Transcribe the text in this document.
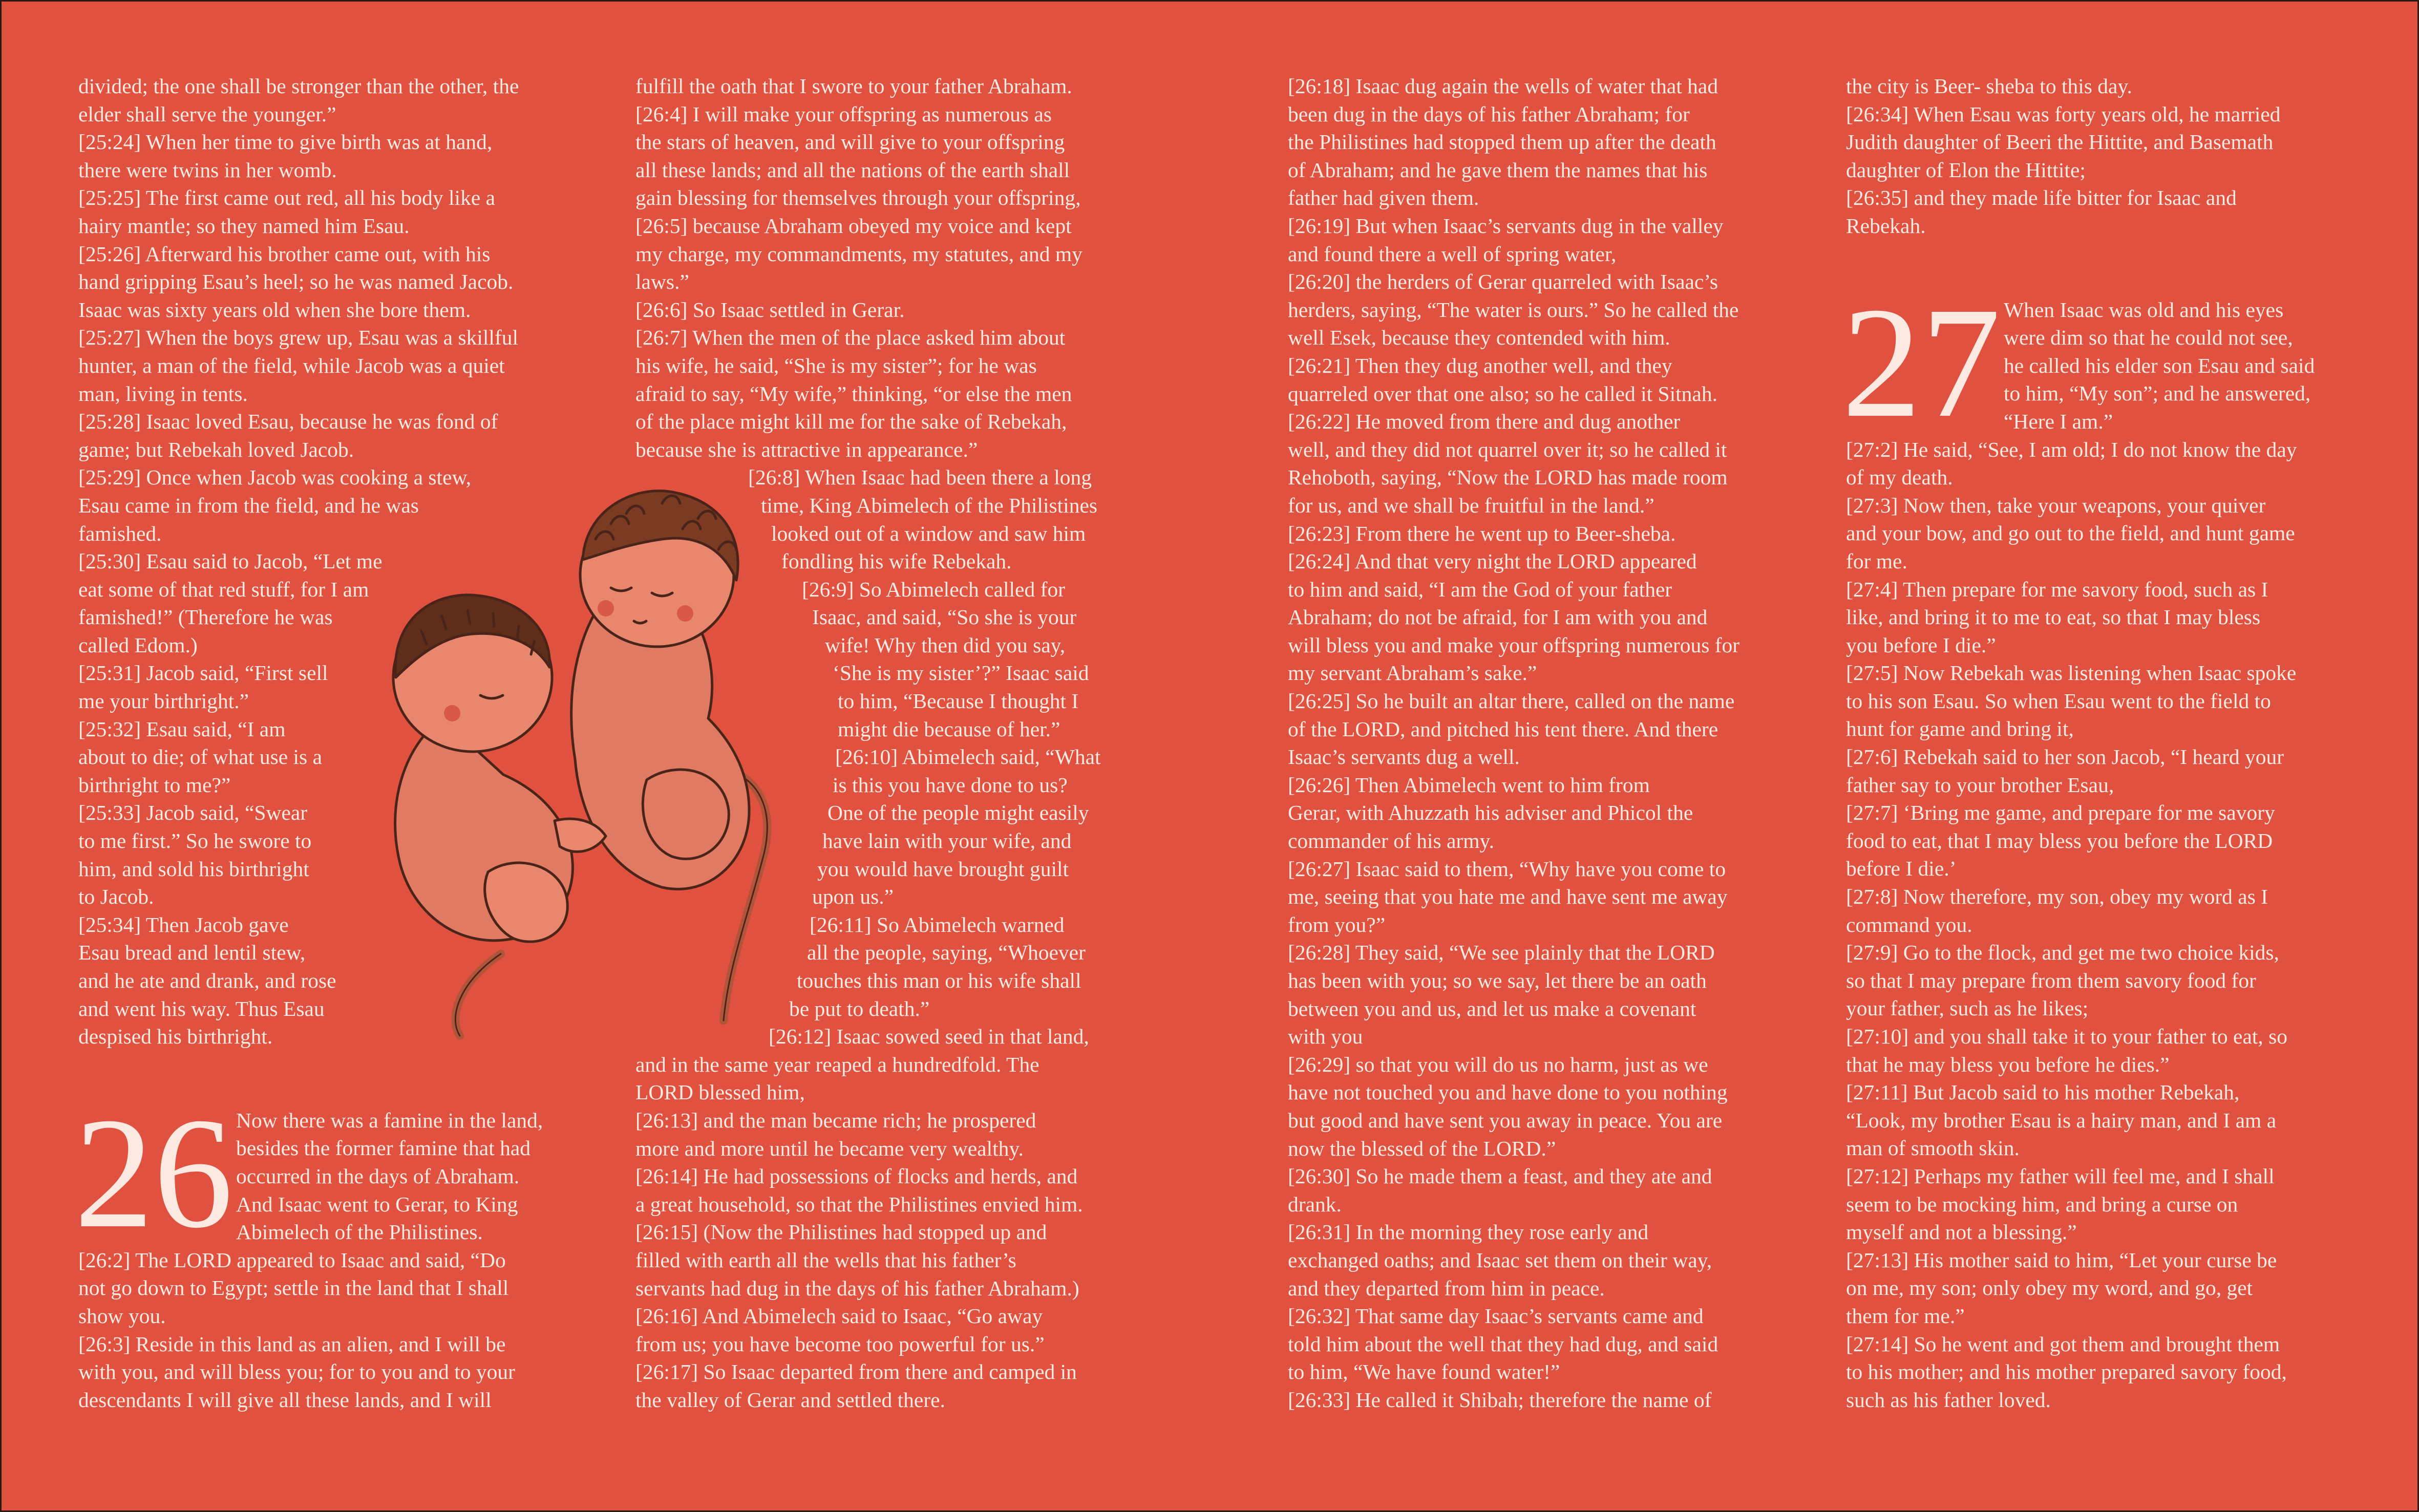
divided; the one shall be stronger than the other, the

elder shall serve the younger.”

[25:24] When her time to give birth was at hand,

there were twins in her womb.

[25:25] The first came out red, all his body like a

hairy mantle; so they named him Esau.

[25:26] Afterward his brother came out, with his

hand gripping Esau’s heel; so he was named Jacob.

Isaac was sixty years old when she bore them.

[25:27] When the boys grew up, Esau was a skillful

hunter, a man of the field, while Jacob was a quiet

man, living in tents.

[25:28] Isaac loved Esau, because he was fond of

game; but Rebekah loved Jacob.

[25:29] Once when Jacob was cooking a stew,

Esau came in from the field, and he was

famished.

[25:30] Esau said to Jacob, “Let me

eat some of that red stuff, for I am

famished!” (Therefore he was

called Edom.)

[25:31] Jacob said, “First sell

me your birthright.”

[25:32] Esau said, “I am

about to die; of what use is a

birthright to me?”

[25:33] Jacob said, “Swear

to me first.” So he swore to

him, and sold his birthright

to Jacob.

[25:34] Then Jacob gave

Esau bread and lentil stew,

and he ate and drank, and rose

and went his way. Thus Esau

despised his birthright.

26 Now there was a famine in the land,

besides the former famine that had

occurred in the days of Abraham.

And Isaac went to Gerar, to King

Abimelech of the Philistines.

[26:2] The LORD appeared to Isaac and said, “Do

not go down to Egypt; settle in the land that I shall

show you.

[26:3] Reside in this land as an alien, and I will be

with you, and will bless you; for to you and to your

descendants I will give all these lands, and I will

fulfill the oath that I swore to your father Abraham.

[26:4] I will make your offspring as numerous as

the stars of heaven, and will give to your offspring

all these lands; and all the nations of the earth shall

gain blessing for themselves through your offspring,

[26:5] because Abraham obeyed my voice and kept

my charge, my commandments, my statutes, and my

laws.”

[26:6] So Isaac settled in Gerar.

[26:7] When the men of the place asked him about

his wife, he said, “She is my sister”; for he was

afraid to say, “My wife,” thinking, “or else the men

of the place might kill me for the sake of Rebekah,

because she is attractive in appearance.”

[26:8] When Isaac had been there a long

time, King Abimelech of the Philistines

looked out of a window and saw him

fondling his wife Rebekah.

[26:9] So Abimelech called for

Isaac, and said, “So she is your

wife! Why then did you say,

‘She is my sister’?” Isaac said

to him, “Because I thought I

might die because of her.”

[26:10] Abimelech said, “What

is this you have done to us?

One of the people might easily

have lain with your wife, and

you would have brought guilt

upon us.”

[26:11] So Abimelech warned

all the people, saying, “Whoever

touches this man or his wife shall

be put to death.”

[26:12] Isaac sowed seed in that land,

and in the same year reaped a hundredfold. The

LORD blessed him,

[26:13] and the man became rich; he prospered

more and more until he became very wealthy.

[26:14] He had possessions of flocks and herds, and

a great household, so that the Philistines envied him.

[26:15] (Now the Philistines had stopped up and

filled with earth all the wells that his father’s

servants had dug in the days of his father Abraham.)

[26:16] And Abimelech said to Isaac, “Go away

from us; you have become too powerful for us.”

[26:17] So Isaac departed from there and camped in

the valley of Gerar and settled there.

[26:18] Isaac dug again the wells of water that had

been dug in the days of his father Abraham; for

the Philistines had stopped them up after the death

of Abraham; and he gave them the names that his

father had given them.

[26:19] But when Isaac’s servants dug in the valley

and found there a well of spring water,

[26:20] the herders of Gerar quarreled with Isaac’s

herders, saying, “The water is ours.” So he called the

well Esek, because they contended with him.

[26:21] Then they dug another well, and they

quarreled over that one also; so he called it Sitnah.

[26:22] He moved from there and dug another

well, and they did not quarrel over it; so he called it

Rehoboth, saying, “Now the LORD has made room

for us, and we shall be fruitful in the land.”

[26:23] From there he went up to Beer-sheba.

[26:24] And that very night the LORD appeared

to him and said, “I am the God of your father

Abraham; do not be afraid, for I am with you and

will bless you and make your offspring numerous for

my servant Abraham’s sake.”

[26:25] So he built an altar there, called on the name

of the LORD, and pitched his tent there. And there

Isaac’s servants dug a well.

[26:26] Then Abimelech went to him from

Gerar, with Ahuzzath his adviser and Phicol the

commander of his army.

[26:27] Isaac said to them, “Why have you come to

me, seeing that you hate me and have sent me away

from you?”

[26:28] They said, “We see plainly that the LORD

has been with you; so we say, let there be an oath

between you and us, and let us make a covenant

with you

[26:29] so that you will do us no harm, just as we

have not touched you and have done to you nothing

but good and have sent you away in peace. You are

now the blessed of the LORD.”

[26:30] So he made them a feast, and they ate and

drank.

[26:31] In the morning they rose early and

exchanged oaths; and Isaac set them on their way,

and they departed from him in peace.

[26:32] That same day Isaac’s servants came and

told him about the well that they had dug, and said

to him, “We have found water!”

[26:33] He called it Shibah; therefore the name of

the city is Beer- sheba to this day.

[26:34] When Esau was forty years old, he married

Judith daughter of Beeri the Hittite, and Basemath

daughter of Elon the Hittite;

[26:35] and they made life bitter for Isaac and

Rebekah.

27 When Isaac was old and his eyes

were dim so that he could not see,

he called his elder son Esau and said

to him, “My son”; and he answered,

“Here I am.”

[27:2] He said, “See, I am old; I do not know the day

of my death.

[27:3] Now then, take your weapons, your quiver

and your bow, and go out to the field, and hunt game

for me.

[27:4] Then prepare for me savory food, such as I

like, and bring it to me to eat, so that I may bless

you before I die.”

[27:5] Now Rebekah was listening when Isaac spoke

to his son Esau. So when Esau went to the field to

hunt for game and bring it,

[27:6] Rebekah said to her son Jacob, “I heard your

father say to your brother Esau,

[27:7] ‘Bring me game, and prepare for me savory

food to eat, that I may bless you before the LORD

before I die.’

[27:8] Now therefore, my son, obey my word as I

command you.

[27:9] Go to the flock, and get me two choice kids,

so that I may prepare from them savory food for

your father, such as he likes;

[27:10] and you shall take it to your father to eat, so

that he may bless you before he dies.”

[27:11] But Jacob said to his mother Rebekah,

“Look, my brother Esau is a hairy man, and I am a

man of smooth skin.

[27:12] Perhaps my father will feel me, and I shall

seem to be mocking him, and bring a curse on

myself and not a blessing.”

[27:13] His mother said to him, “Let your curse be

on me, my son; only obey my word, and go, get

them for me.”

[27:14] So he went and got them and brought them

to his mother; and his mother prepared savory food,

such as his father loved.
